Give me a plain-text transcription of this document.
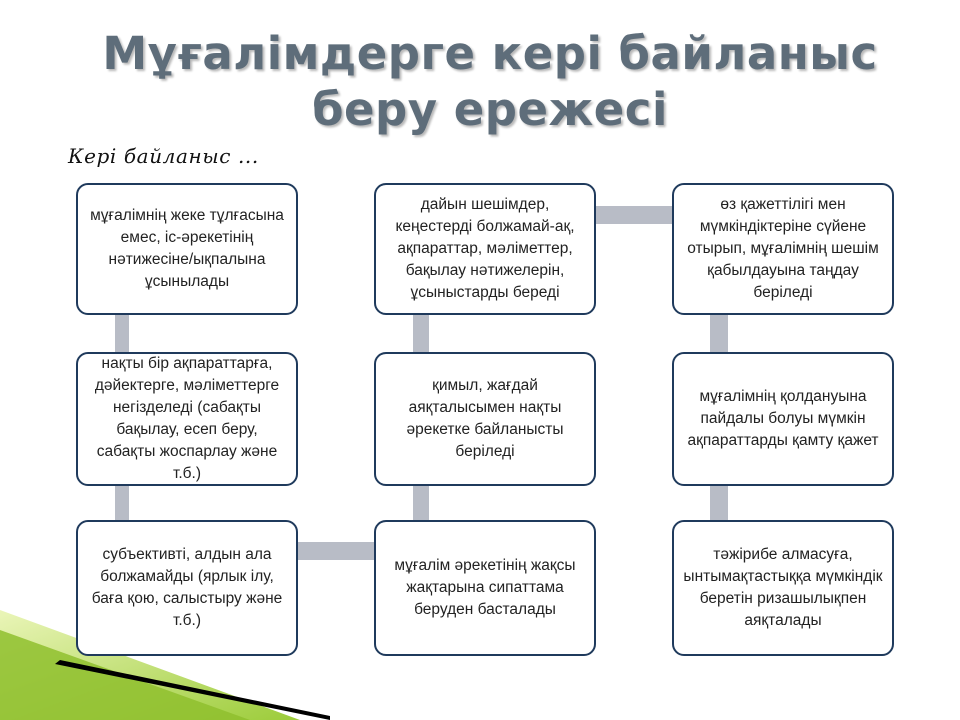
Мұғалімдерге кері байланыс беру ережесі
Кері байланыс ...
мұғалімнің жеке тұлғасына емес, іс-әрекетінің нәтижесіне/ықпалына ұсынылады
нақты бір ақпараттарға, дәйектерге, мәліметтерге негізделеді (сабақты бақылау, есеп беру, сабақты жоспарлау және т.б.)
субъективті, алдын ала болжамайды (ярлык ілу, баға қою, салыстыру және т.б.)
дайын шешімдер, кеңестерді болжамай-ақ, ақпараттар, мәліметтер, бақылау нәтижелерін, ұсыныстарды береді
қимыл, жағдай аяқталысымен нақты әрекетке байланысты беріледі
мұғалім әрекетінің жақсы жақтарына сипаттама беруден басталады
өз қажеттілігі мен мүмкіндіктеріне сүйене отырып, мұғалімнің шешім қабылдауына таңдау беріледі
мұғалімнің қолдануына пайдалы болуы мүмкін ақпараттарды қамту қажет
тәжірибе алмасуға, ынтымақтастыққа мүмкіндік беретін ризашылықпен аяқталады
